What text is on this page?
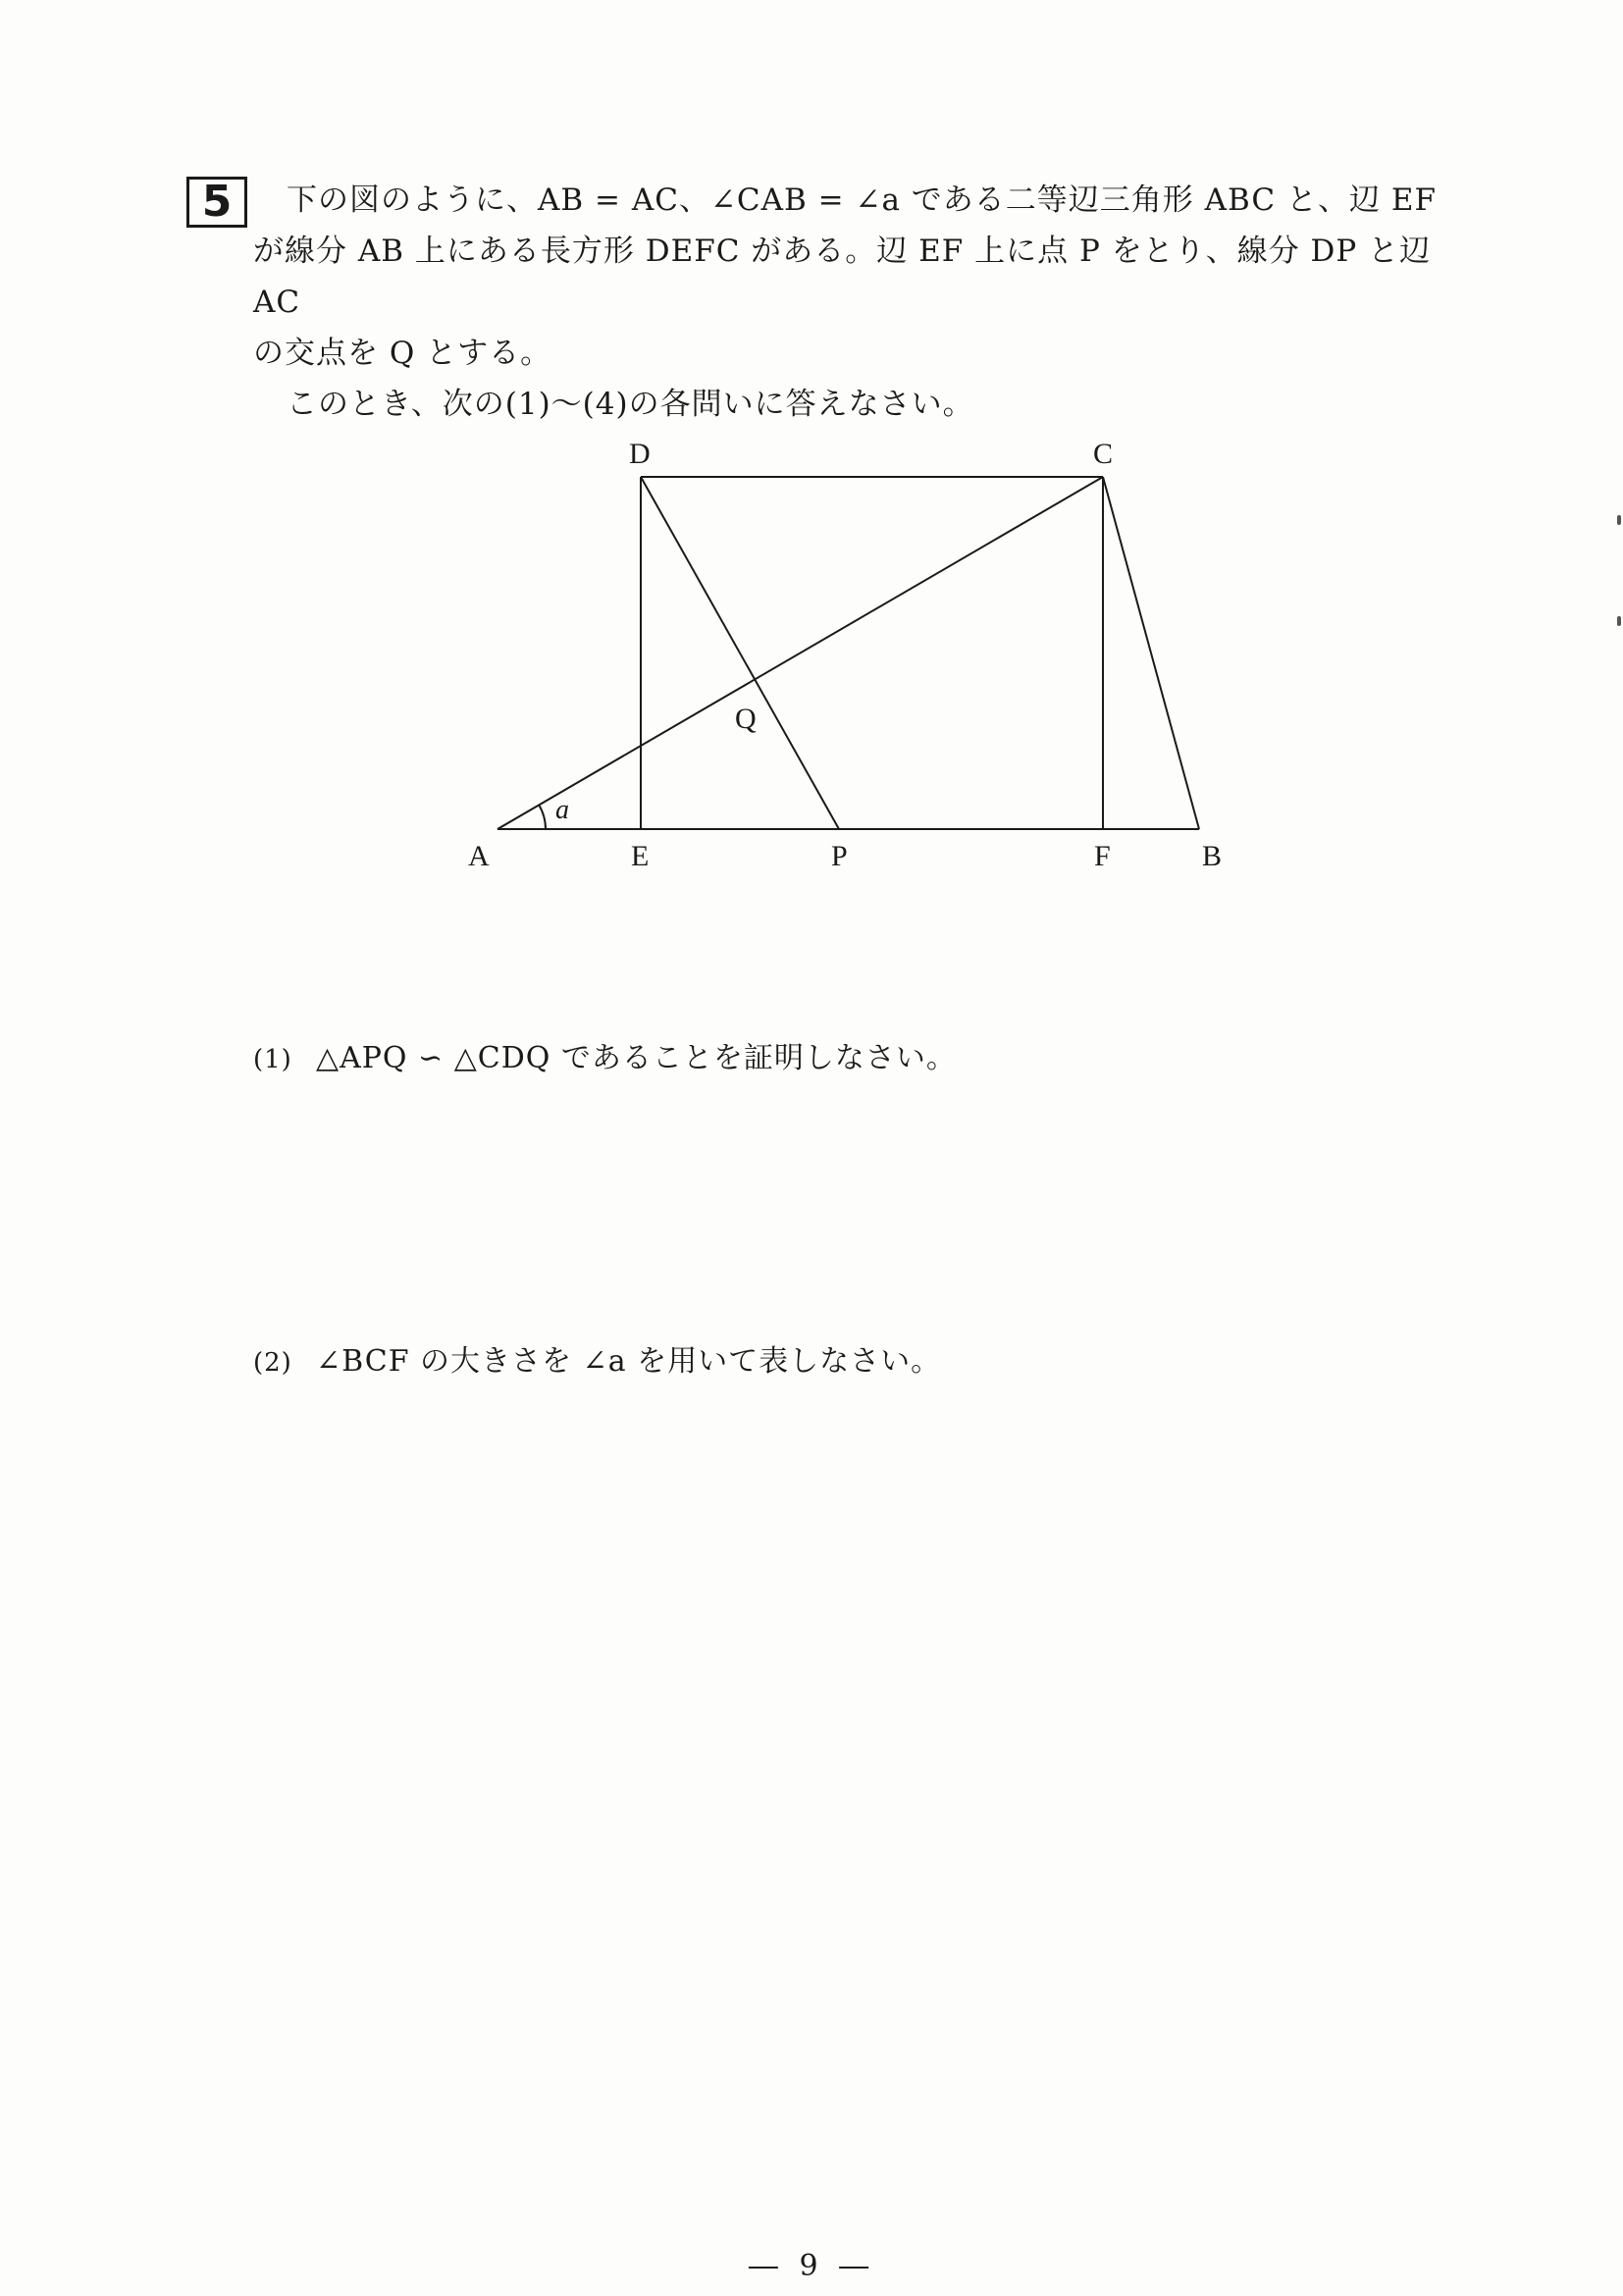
5	下の図のように、AB = AC、∠CAB = ∠a である二等辺三角形 ABC と、辺 EF

が線分 AB 上にある長方形 DEFC がある。辺 EF 上に点 P をとり、線分 DP と辺 AC

の交点を Q とする。

このとき、次の(1)～(4)の各問いに答えなさい。

D	C
Q
a
A	E	P	F	B
(1) △APQ ∽ △CDQ であることを証明しなさい。
(2) ∠BCF の大きさを ∠a を用いて表しなさい。
― 9 ―
